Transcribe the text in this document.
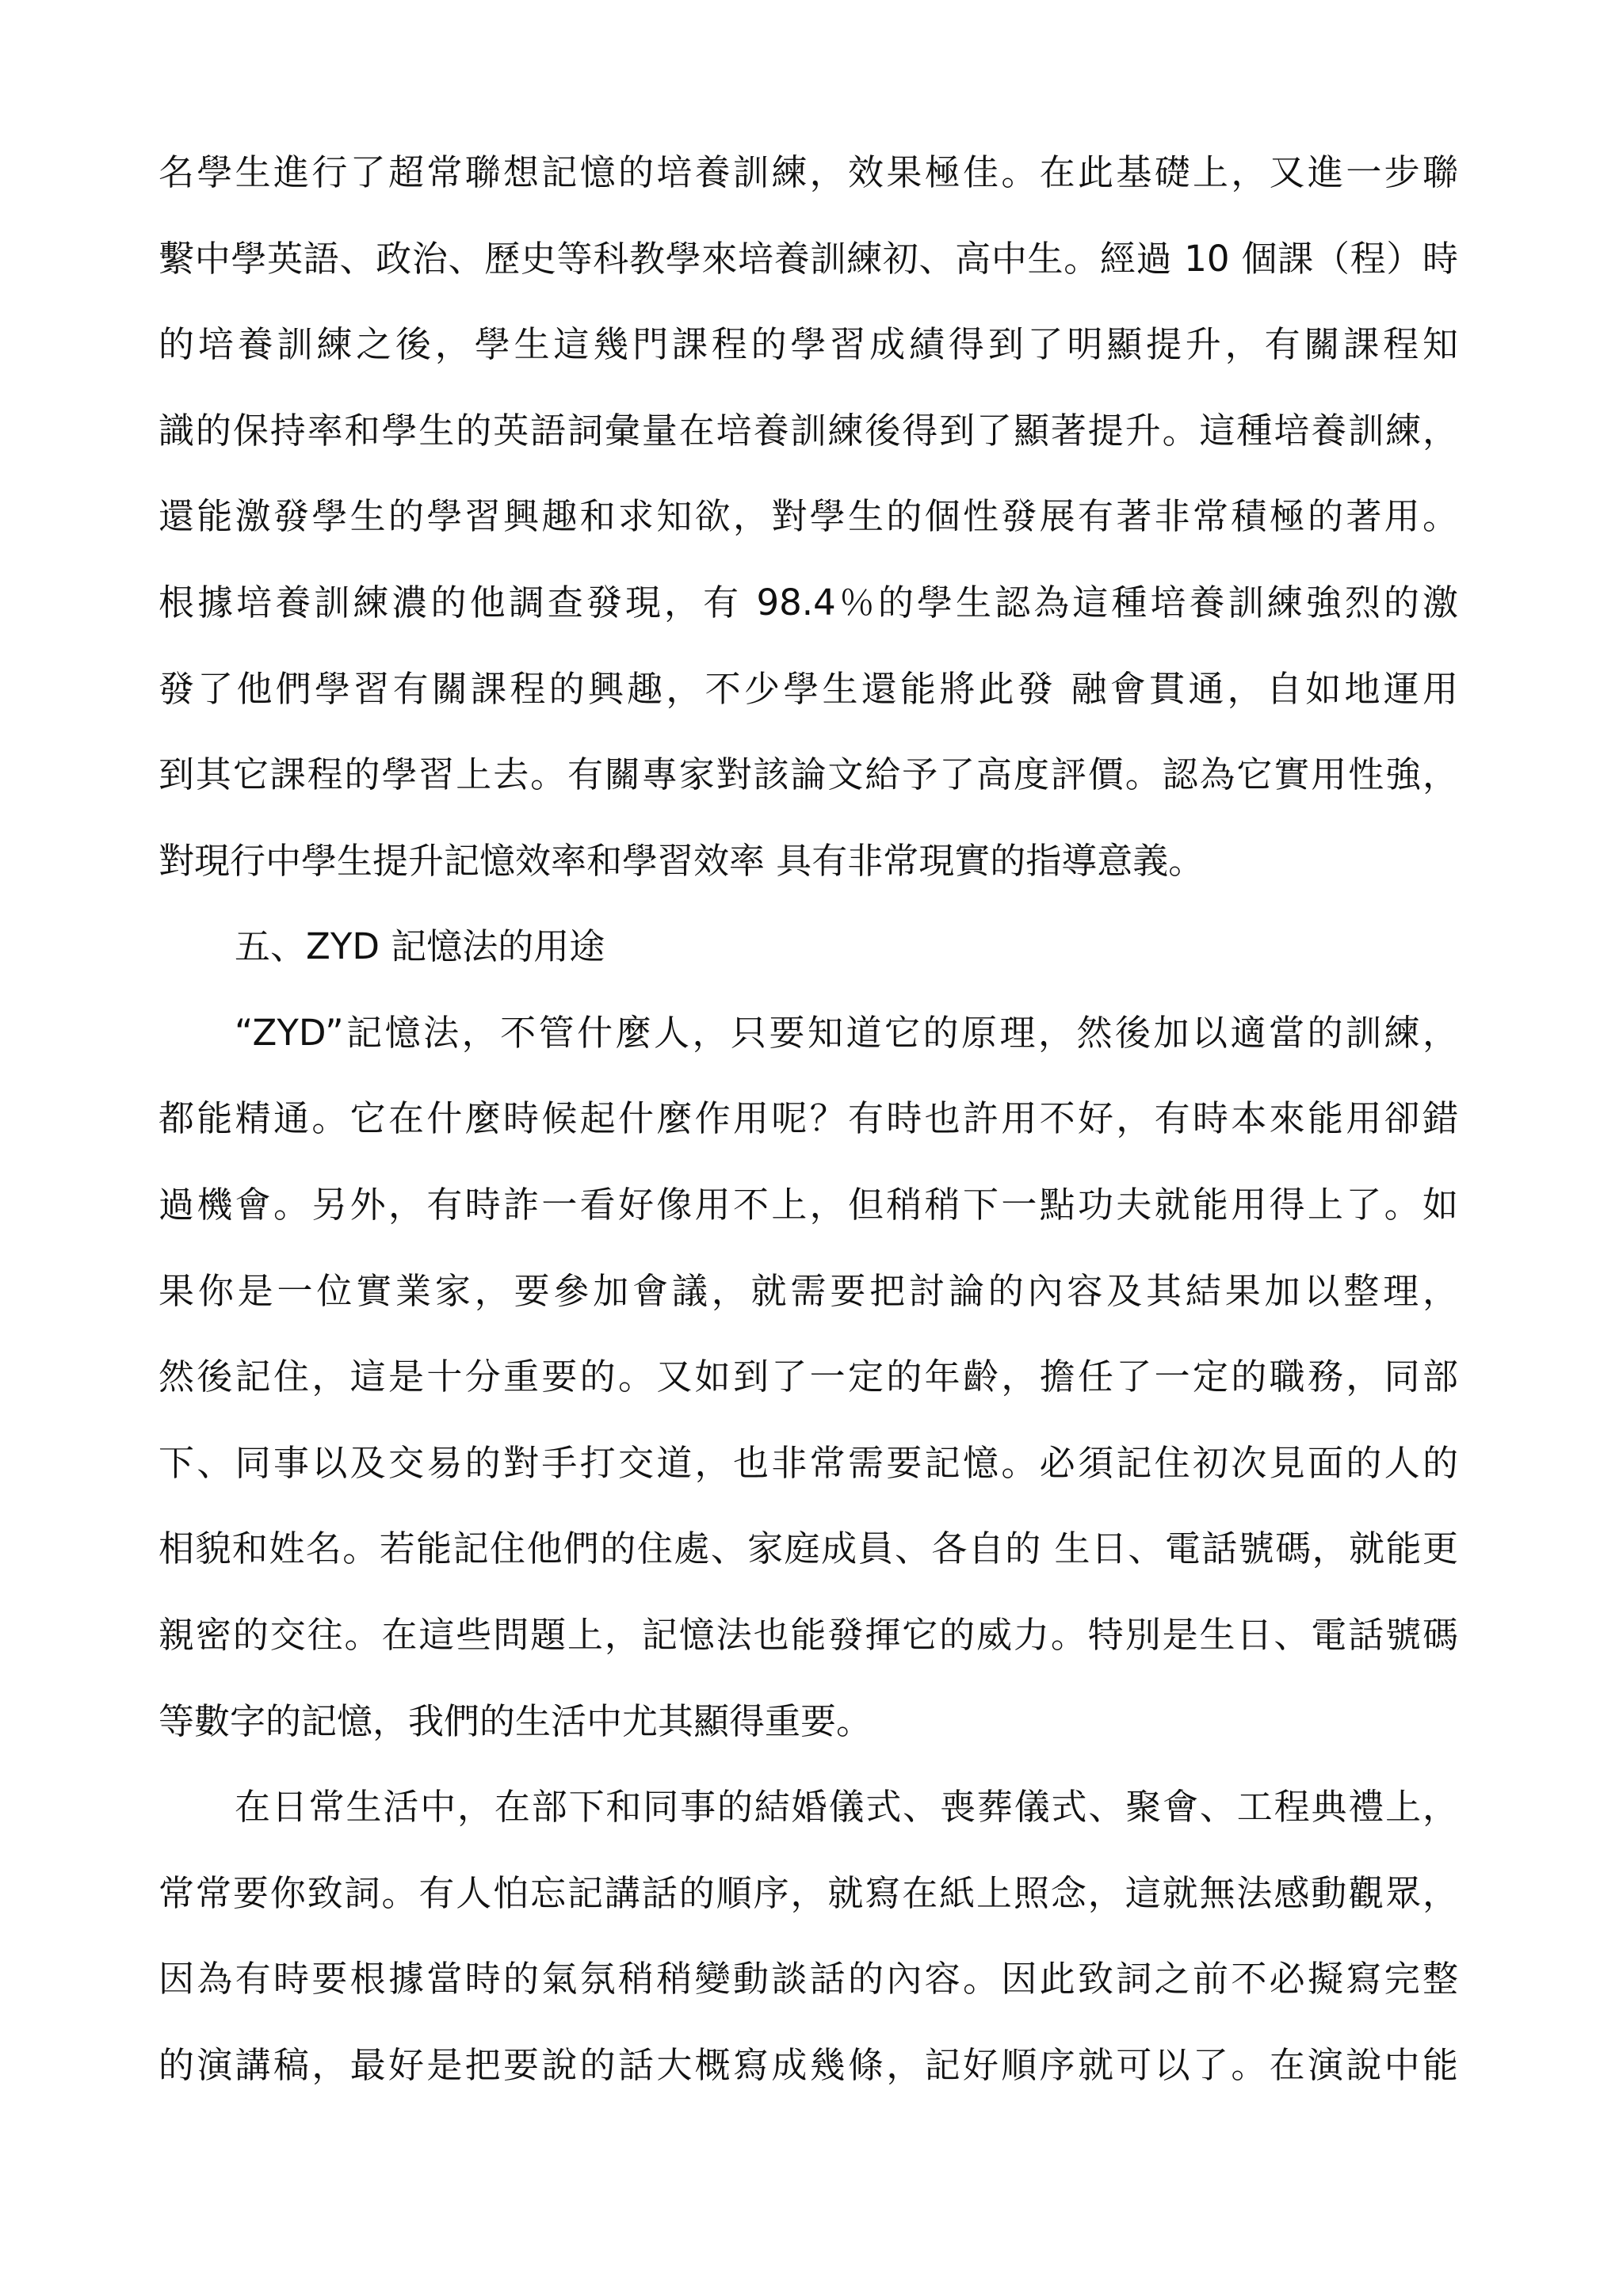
名學生進行了超常聯想記憶的培養訓練，效果極佳。在此基礎上，又進一步聯
繫中學英語、政治、歷史等科教學來培養訓練初、高中生。經過 10 個課（程）時
的培養訓練之後，學生這幾門課程的學習成績得到了明顯提升，有關課程知
識的保持率和學生的英語詞彙量在培養訓練後得到了顯著提升。這種培養訓練，
還能激發學生的學習興趣和求知欲，對學生的個性發展有著非常積極的著用。
根據培養訓練濃的他調查發現，有 98.4％的學生認為這種培養訓練強烈的激
發了他們學習有關課程的興趣，不少學生還能將此發 融會貫通，自如地運用
到其它課程的學習上去。有關專家對該論文給予了高度評價。認為它實用性強，
對現行中學生提升記憶效率和學習效率 具有非常現實的指導意義。
五、ZYD 記憶法的用途
“ZYD”記憶法，不管什麼人，只要知道它的原理，然後加以適當的訓練，
都能精通。它在什麼時候起什麼作用呢？有時也許用不好，有時本來能用卻錯
過機會。另外，有時詐一看好像用不上，但稍稍下一點功夫就能用得上了。如
果你是一位實業家，要參加會議，就需要把討論的內容及其結果加以整理，
然後記住，這是十分重要的。又如到了一定的年齡，擔任了一定的職務，同部
下、同事以及交易的對手打交道，也非常需要記憶。必須記住初次見面的人的
相貌和姓名。若能記住他們的住處、家庭成員、各自的 生日、電話號碼，就能更
親密的交往。在這些問題上，記憶法也能發揮它的威力。特別是生日、電話號碼
等數字的記憶，我們的生活中尤其顯得重要。
在日常生活中，在部下和同事的結婚儀式、喪葬儀式、聚會、工程典禮上，
常常要你致詞。有人怕忘記講話的順序，就寫在紙上照念，這就無法感動觀眾，
因為有時要根據當時的氣氛稍稍變動談話的內容。因此致詞之前不必擬寫完整
的演講稿，最好是把要說的話大概寫成幾條，記好順序就可以了。在演說中能
